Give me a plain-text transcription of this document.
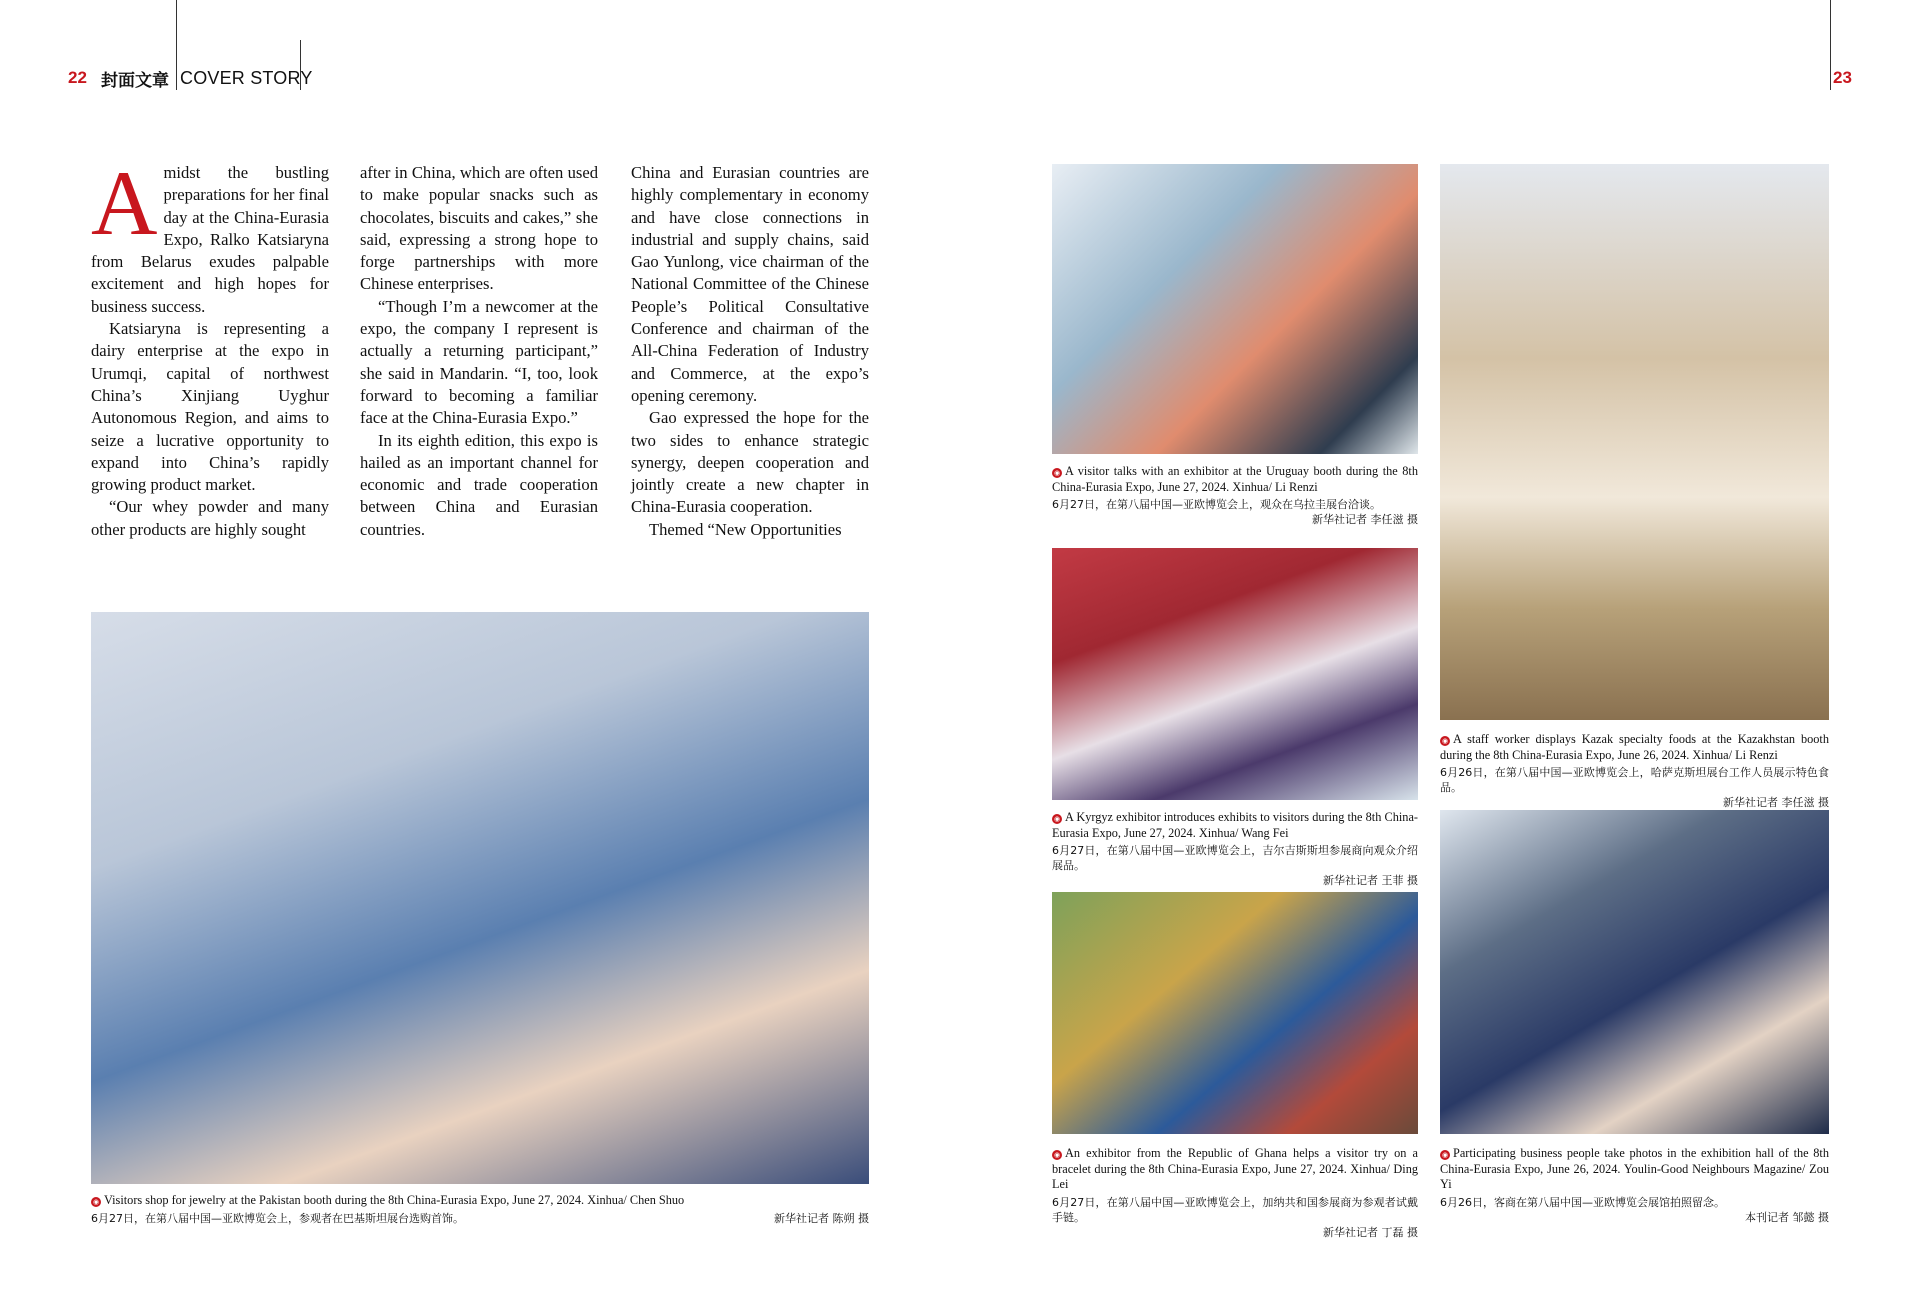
22 封面文章 COVER STORY	23
A midst the bustling preparations for her final day at the China-Eurasia Expo, Ralko Katsiaryna from Belarus exudes palpable excitement and high hopes for business success.

Katsiaryna is representing a dairy enterprise at the expo in Urumqi, capital of northwest China’s Xinjiang Uyghur Autonomous Region, and aims to seize a lucrative opportunity to expand into China’s rapidly growing product market.

“Our whey powder and many other products are highly sought

after in China, which are often used to make popular snacks such as chocolates, biscuits and cakes,” she said, expressing a strong hope to forge partnerships with more Chinese enterprises.

“Though I’m a newcomer at the expo, the company I represent is actually a returning participant,” she said in Mandarin. “I, too, look forward to becoming a familiar face at the China-Eurasia Expo.”

In its eighth edition, this expo is hailed as an important channel for economic and trade cooperation between China and Eurasian countries.

China and Eurasian countries are highly complementary in economy and have close connections in industrial and supply chains, said Gao Yunlong, vice chairman of the National Committee of the Chinese People’s Political Consultative Conference and chairman of the All-China Federation of Industry and Commerce, at the expo’s opening ceremony.

Gao expressed the hope for the two sides to enhance strategic synergy, deepen cooperation and jointly create a new chapter in China-Eurasia cooperation.

Themed “New Opportunities

◉ Visitors shop for jewelry at the Pakistan booth during the 8th China-Eurasia Expo, June 27, 2024. Xinhua/ Chen Shuo
6月27日，在第八届中国—亚欧博览会上，参观者在巴基斯坦展台选购首饰。	新华社记者 陈朔 摄
◉ A visitor talks with an exhibitor at the Uruguay booth during the 8th China-Eurasia Expo, June 27, 2024. Xinhua/ Li Renzi
6月27日，在第八届中国—亚欧博览会上，观众在乌拉圭展台洽谈。
新华社记者 李任滋 摄
◉ A Kyrgyz exhibitor introduces exhibits to visitors during the 8th China-Eurasia Expo, June 27, 2024. Xinhua/ Wang Fei
6月27日，在第八届中国—亚欧博览会上，吉尔吉斯斯坦参展商向观众介绍展品。
新华社记者 王菲 摄
◉ An exhibitor from the Republic of Ghana helps a visitor try on a bracelet during the 8th China-Eurasia Expo, June 27, 2024. Xinhua/ Ding Lei
6月27日，在第八届中国—亚欧博览会上，加纳共和国参展商为参观者试戴手链。
新华社记者 丁磊 摄
◉ A staff worker displays Kazak specialty foods at the Kazakhstan booth during the 8th China-Eurasia Expo, June 26, 2024. Xinhua/ Li Renzi
6月26日，在第八届中国—亚欧博览会上，哈萨克斯坦展台工作人员展示特色食品。
新华社记者 李任滋 摄
◉ Participating business people take photos in the exhibition hall of the 8th China-Eurasia Expo, June 26, 2024. Youlin-Good Neighbours Magazine/ Zou Yi
6月26日，客商在第八届中国—亚欧博览会展馆拍照留念。
本刊记者 邹懿 摄
